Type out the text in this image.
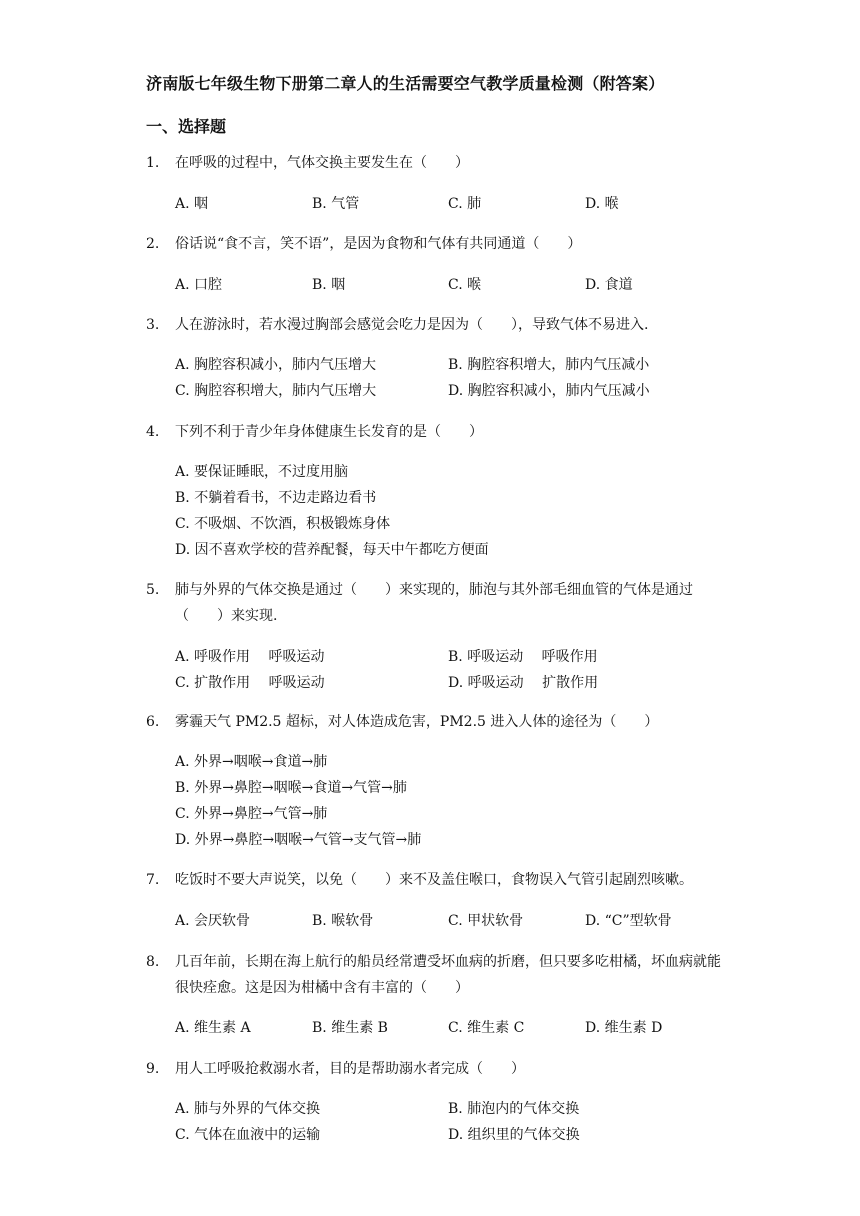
济南版七年级生物下册第二章人的生活需要空气教学质量检测（附答案）
一、选择题
1. 在呼吸的过程中，气体交换主要发生在（　　）
A. 咽	B. 气管	C. 肺	D. 喉
2. 俗话说“食不言，笑不语”，是因为食物和气体有共同通道（　　）
A. 口腔	B. 咽	C. 喉	D. 食道
3. 人在游泳时，若水漫过胸部会感觉会吃力是因为（　　），导致气体不易进入.
A. 胸腔容积减小，肺内气压增大	B. 胸腔容积增大，肺内气压减小
C. 胸腔容积增大，肺内气压增大	D. 胸腔容积减小，肺内气压减小
4. 下列不利于青少年身体健康生长发育的是（　　）
A. 要保证睡眠，不过度用脑
B. 不躺着看书，不边走路边看书
C. 不吸烟、不饮酒，积极锻炼身体
D. 因不喜欢学校的营养配餐，每天中午都吃方便面
5. 肺与外界的气体交换是通过（　　）来实现的，肺泡与其外部毛细血管的气体是通过（　　）来实现.
A. 呼吸作用　 呼吸运动	B. 呼吸运动　 呼吸作用
C. 扩散作用　 呼吸运动	D. 呼吸运动　 扩散作用
6. 雾霾天气 PM2.5 超标，对人体造成危害，PM2.5 进入人体的途径为（　　）
A. 外界→咽喉→食道→肺
B. 外界→鼻腔→咽喉→食道→气管→肺
C. 外界→鼻腔→气管→肺
D. 外界→鼻腔→咽喉→气管→支气管→肺
7. 吃饭时不要大声说笑，以免（　　）来不及盖住喉口，食物误入气管引起剧烈咳嗽。
A. 会厌软骨	B. 喉软骨	C. 甲状软骨	D. “C”型软骨
8. 几百年前，长期在海上航行的船员经常遭受坏血病的折磨，但只要多吃柑橘，坏血病就能很快痊愈。这是因为柑橘中含有丰富的（　　）
A. 维生素 A	B. 维生素 B	C. 维生素 C	D. 维生素 D
9. 用人工呼吸抢救溺水者，目的是帮助溺水者完成（　　）
A. 肺与外界的气体交换	B. 肺泡内的气体交换
C. 气体在血液中的运输	D. 组织里的气体交换
